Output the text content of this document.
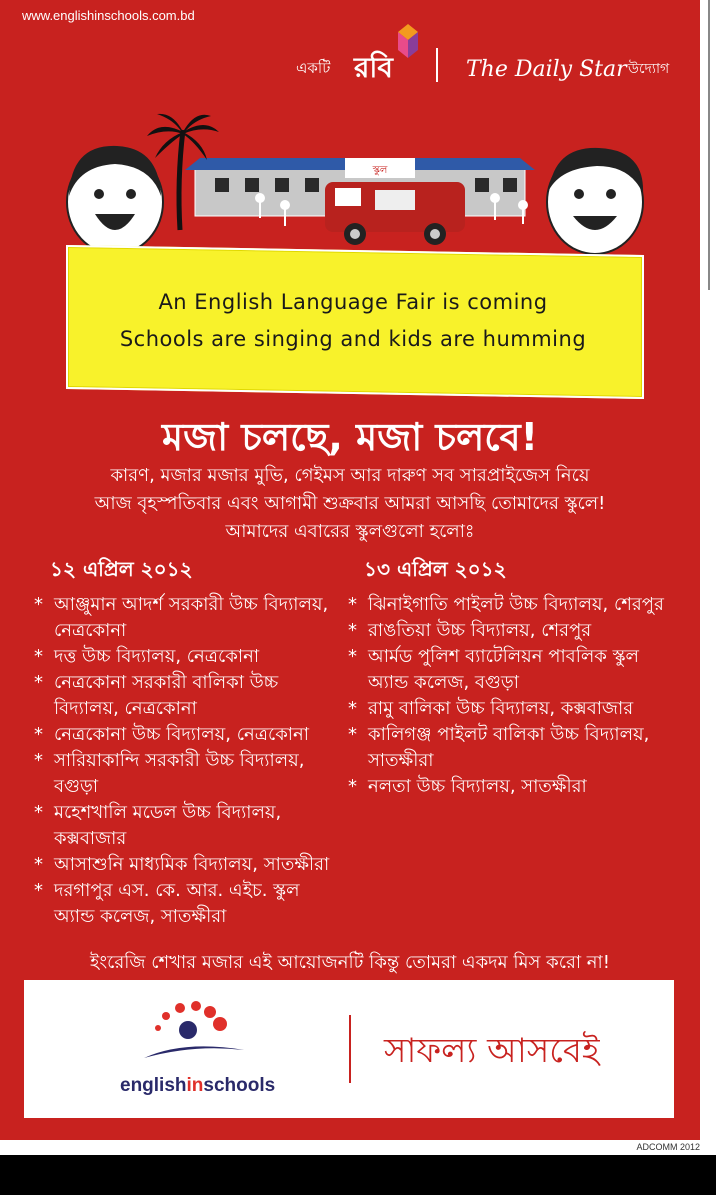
www.englishinschools.com.bd
একটি রবি	The Daily Star উদ্যোগ
স্কুল
An English Language Fair is coming
Schools are singing and kids are humming
মজা চলছে, মজা চলবে!
কারণ, মজার মজার মুভি, গেইমস আর দারুণ সব সারপ্রাইজেস নিয়ে
আজ বৃহস্পতিবার এবং আগামী শুক্রবার আমরা আসছি তোমাদের স্কুলে!
আমাদের এবারের স্কুলগুলো হলোঃ
১২ এপ্রিল ২০১২
* আঞ্জুমান আদর্শ সরকারী উচ্চ বিদ্যালয়,
নেত্রকোনা
* দত্ত উচ্চ বিদ্যালয়, নেত্রকোনা
* নেত্রকোনা সরকারী বালিকা উচ্চ
বিদ্যালয়, নেত্রকোনা
* নেত্রকোনা উচ্চ বিদ্যালয়, নেত্রকোনা
* সারিয়াকান্দি সরকারী উচ্চ বিদ্যালয়,
বগুড়া
* মহেশখালি মডেল উচ্চ বিদ্যালয়,
কক্সবাজার
* আসাশুনি মাধ্যমিক বিদ্যালয়, সাতক্ষীরা
* দরগাপুর এস. কে. আর. এইচ. স্কুল
অ্যান্ড কলেজ, সাতক্ষীরা
১৩ এপ্রিল ২০১২
* ঝিনাইগাতি পাইলট উচ্চ বিদ্যালয়, শেরপুর
* রাঙতিয়া উচ্চ বিদ্যালয়, শেরপুর
* আর্মড পুলিশ ব্যাটেলিয়ন পাবলিক স্কুল
অ্যান্ড কলেজ, বগুড়া
* রামু বালিকা উচ্চ বিদ্যালয়, কক্সবাজার
* কালিগঞ্জ পাইলট বালিকা উচ্চ বিদ্যালয়,
সাতক্ষীরা
* নলতা উচ্চ বিদ্যালয়, সাতক্ষীরা
ইংরেজি শেখার মজার এই আয়োজনটি কিন্তু তোমরা একদম মিস করো না!
englishinschools
সাফল্য আসবেই
ADCOMM 2012
